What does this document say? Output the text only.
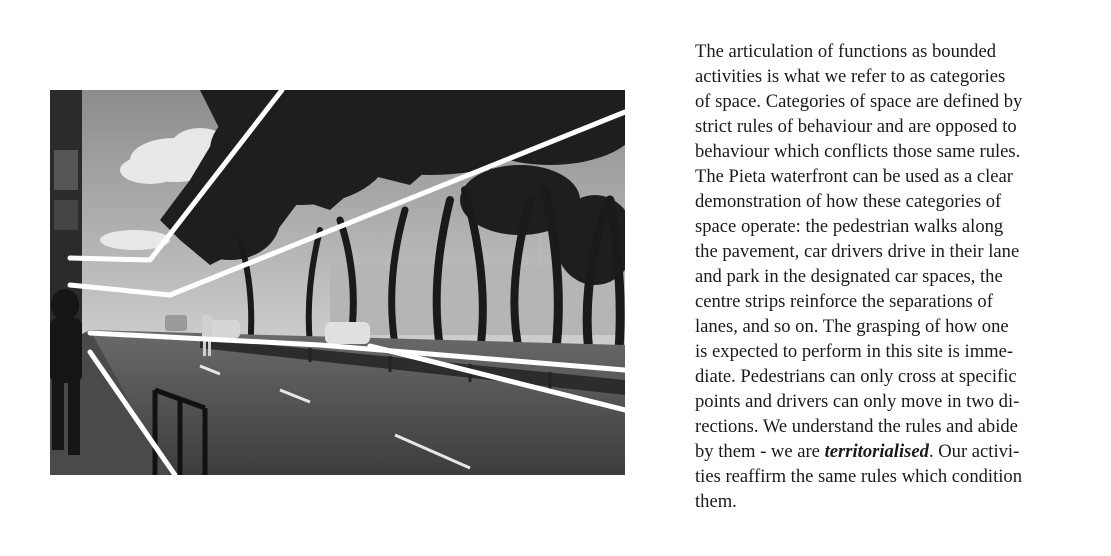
The articulation of functions as bounded
activities is what we refer to as categories
of space. Categories of space are defined by
strict rules of behaviour and are opposed to
behaviour which conflicts those same rules.
The Pieta waterfront can be used as a clear
demonstration of how these categories of
space operate: the pedestrian walks along
the pavement, car drivers drive in their lane
and park in the designated car spaces, the
centre strips reinforce the separations of
lanes, and so on. The grasping of how one
is expected to perform in this site is imme-
diate. Pedestrians can only cross at specific
points and drivers can only move in two di-
rections. We understand the rules and abide
by them - we are territorialised. Our activi-
ties reaffirm the same rules which condition
them.
